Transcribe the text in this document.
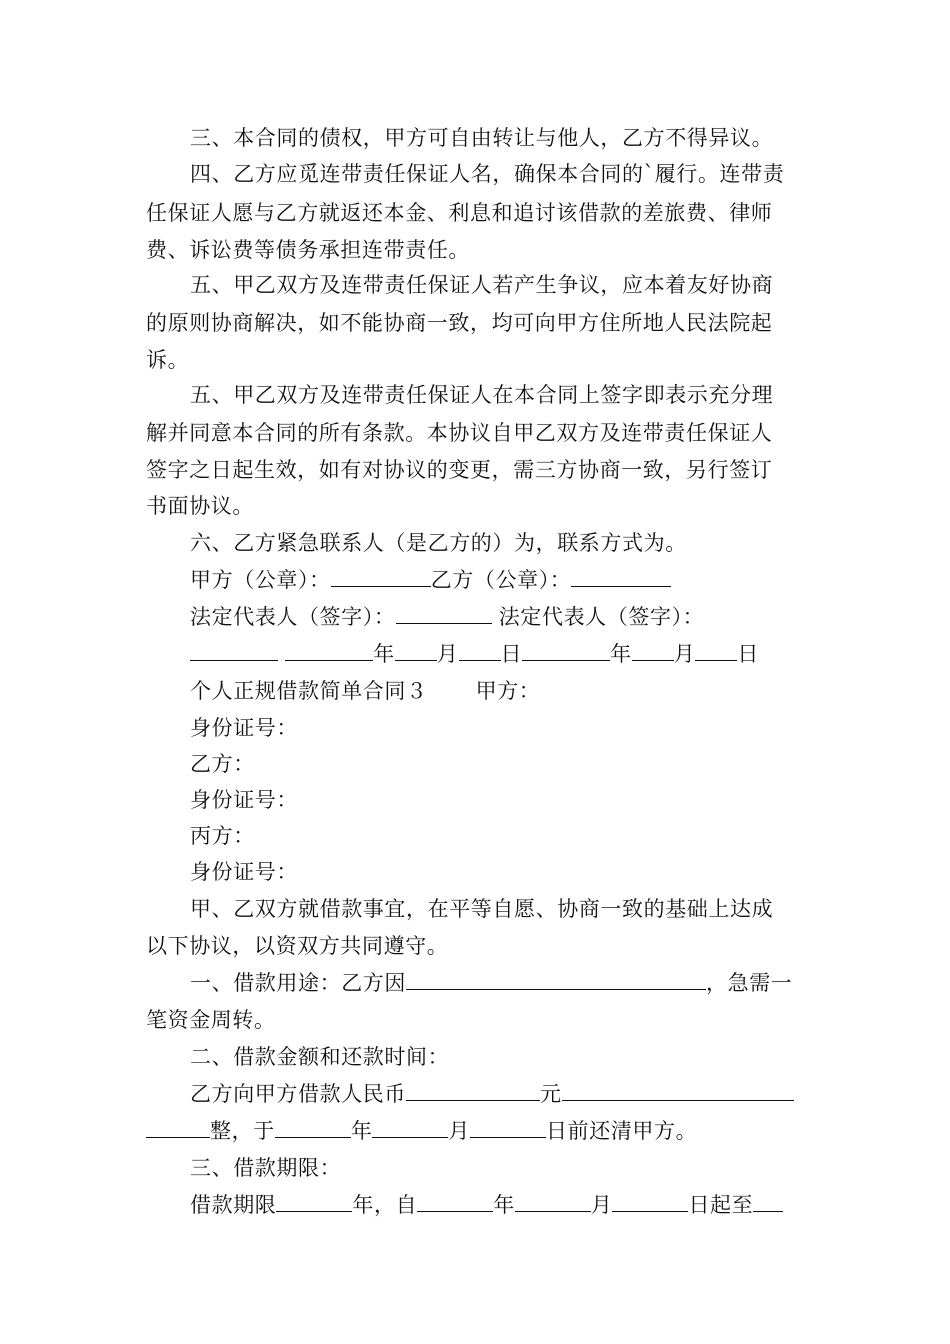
三、本合同的债权，甲方可自由转让与他人，乙方不得异议。
四、乙方应觅连带责任保证人名，确保本合同的`履行。连带责
任保证人愿与乙方就返还本金、利息和追讨该借款的差旅费、律师
费、诉讼费等债务承担连带责任。
五、甲乙双方及连带责任保证人若产生争议，应本着友好协商
的原则协商解决，如不能协商一致，均可向甲方住所地人民法院起
诉。
五、甲乙双方及连带责任保证人在本合同上签字即表示充分理
解并同意本合同的所有条款。本协议自甲乙双方及连带责任保证人
签字之日起生效，如有对协议的变更，需三方协商一致，另行签订
书面协议。
六、乙方紧急联系人（是乙方的）为，联系方式为。
甲方（公章）：	乙方（公章）：
法定代表人（签字）：	法定代表人（签字）：
年 月 日	年 月 日
个人正规借款简单合同３ 甲方：
身份证号：
乙方：
身份证号：
丙方：
身份证号：
甲、乙双方就借款事宜，在平等自愿、协商一致的基础上达成
以下协议，以资双方共同遵守。
一、借款用途：乙方因	，急需一
笔资金周转。
二、借款金额和还款时间：
乙方向甲方借款人民币	元
整，于	年	月	日前还清甲方。
三、借款期限：
借款期限	年，自	年	月	日起至
